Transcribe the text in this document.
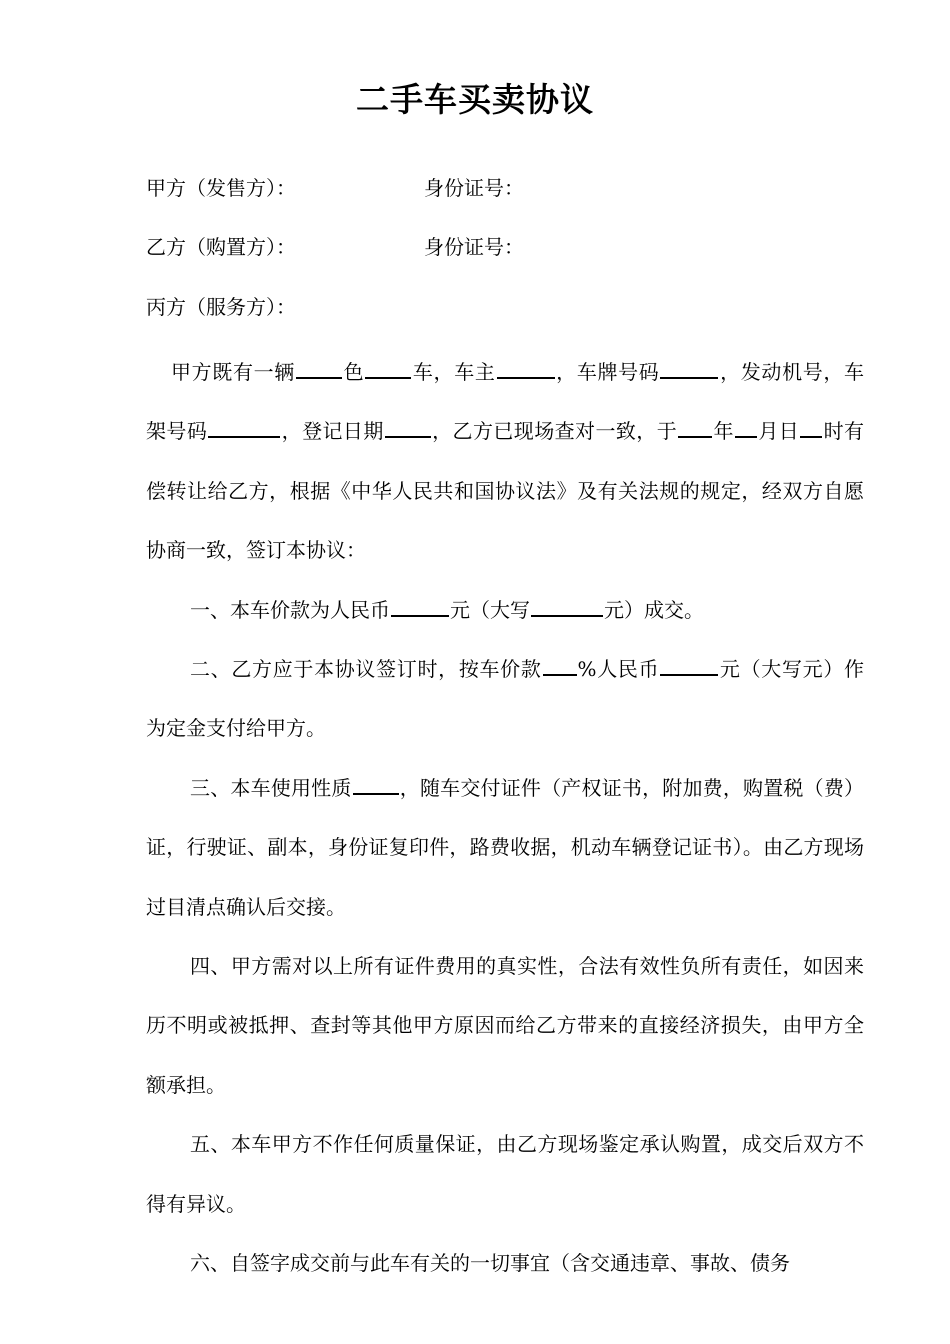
二手车买卖协议
甲方（发售方）：	身份证号：
乙方（购置方）：	身份证号：
丙方（服务方）：

甲方既有一辆 色 车，车主	，车牌号码	，发动机号，车架号码	，登记日期 ，乙方已现场查对一致，于 年 月日 时有偿转让给乙方，根据《中华人民共和国协议法》及有关法规的规定，经双方自愿协商一致，签订本协议：

一、本车价款为人民币	元（大写	元）成交。

二、乙方应于本协议签订时，按车价款 %人民币	元（大写元）作为定金支付给甲方。

三、本车使用性质 ，随车交付证件（产权证书，附加费，购置税（费）证，行驶证、副本，身份证复印件，路费收据，机动车辆登记证书）。由乙方现场过目清点确认后交接。

四、甲方需对以上所有证件费用的真实性，合法有效性负所有责任，如因来历不明或被抵押、查封等其他甲方原因而给乙方带来的直接经济损失，由甲方全额承担。

五、本车甲方不作任何质量保证，由乙方现场鉴定承认购置，成交后双方不得有异议。

六、自签字成交前与此车有关的一切事宜（含交通违章、事故、债务
